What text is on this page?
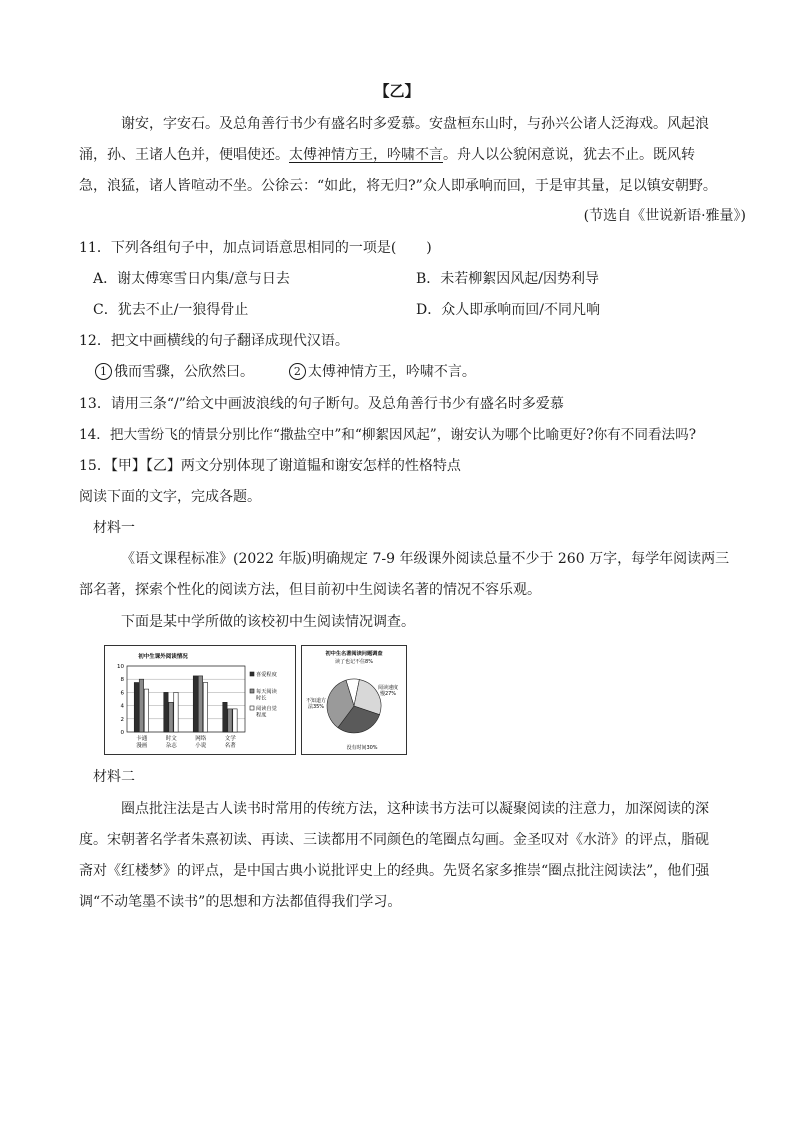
【乙】
谢安，字安石。及总角善行书少有盛名时多爱慕。安盘桓东山时，与孙兴公诸人泛海戏。风起浪
涌，孙、王诸人色并，便唱使还。太傅神情方王，吟啸不言。舟人以公貌闲意说，犹去不止。既风转
急，浪猛，诸人皆喧动不坐。公徐云：“如此，将无归?”众人即承响而回，于是审其量，足以镇安朝野。
(节选自《世说新语·雅量》)
11．下列各组句子中，加点词语意思相同的一项是( )
A．谢太傅寒雪日内集/意与日去	B．未若柳絮因风起/因势利导
C．犹去不止/一狼得骨止	D．众人即承响而回/不同凡响
12．把文中画横线的句子翻译成现代汉语。
1 俄而雪骤，公欣然曰。	2 太傅神情方王，吟啸不言。
13．请用三条“/”给文中画波浪线的句子断句。及总角善行书少有盛名时多爱慕
14．把大雪纷飞的情景分别比作“撒盐空中”和“柳絮因风起”，谢安认为哪个比喻更好?你有不同看法吗?
15．【甲】【乙】两文分别体现了谢道韫和谢安怎样的性格特点
阅读下面的文字，完成各题。
材料一
《语文课程标准》(2022 年版)明确规定 7-9 年级课外阅读总量不少于 260 万字，每学年阅读两三
部名著，探索个性化的阅读方法，但目前初中生阅读名著的情况不容乐观。
下面是某中学所做的该校初中生阅读情况调查。
初中生课外阅读情况
0
2
4
6
8
10
卡通
漫画
时文
杂志
网络
小说
文学
名著
喜爱程度
每天阅读
时长
阅读自觉
程度
初中生名著阅读问题调查
读了也记不住8%
阅读速度
慢27%
没有时间30%
不知道方
法35%
材料二
圈点批注法是古人读书时常用的传统方法，这种读书方法可以凝聚阅读的注意力，加深阅读的深
度。宋朝著名学者朱熹初读、再读、三读都用不同颜色的笔圈点勾画。金圣叹对《水浒》的评点，脂砚
斋对《红楼梦》的评点，是中国古典小说批评史上的经典。先贤名家多推崇“圈点批注阅读法”，他们强
调“不动笔墨不读书”的思想和方法都值得我们学习。
